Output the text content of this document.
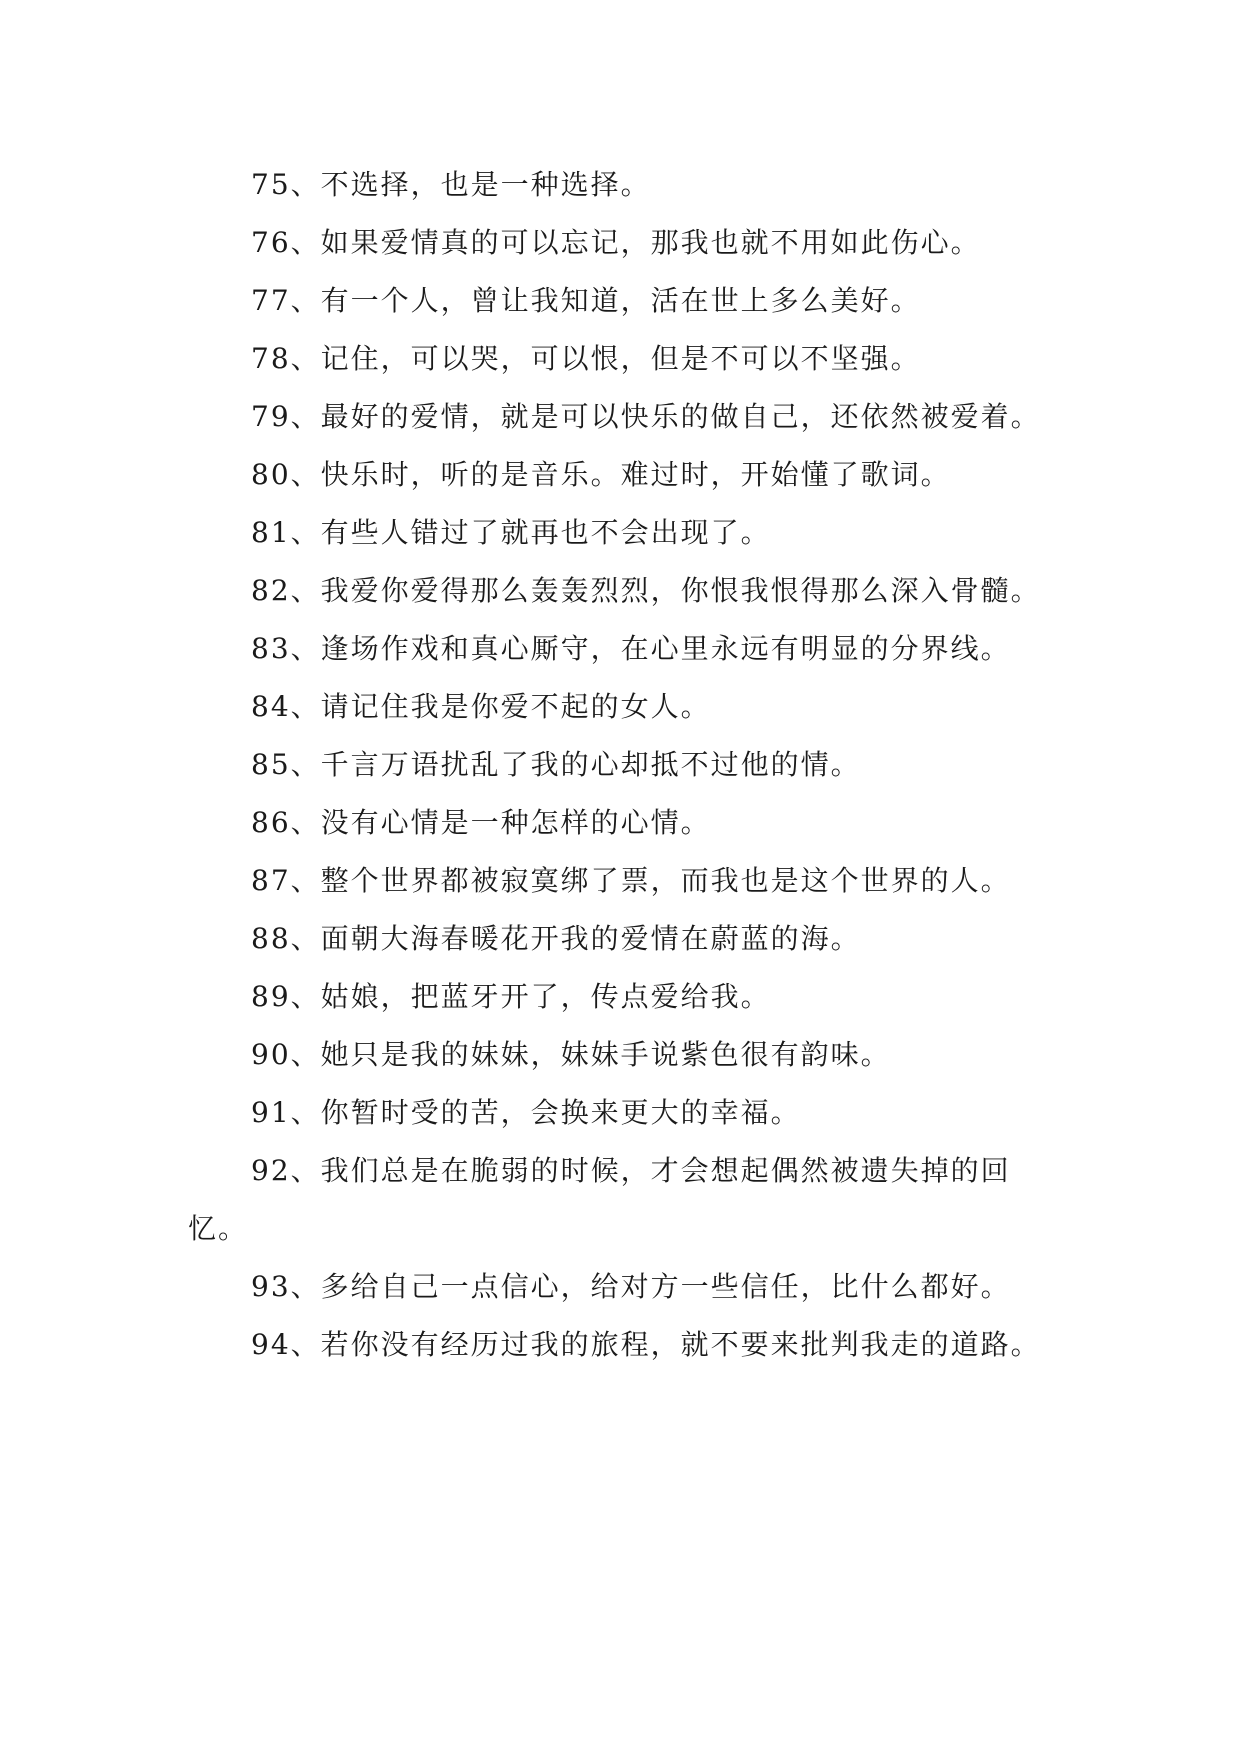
75、不选择，也是一种选择。

76、如果爱情真的可以忘记，那我也就不用如此伤心。

77、有一个人，曾让我知道，活在世上多么美好。

78、记住，可以哭，可以恨，但是不可以不坚强。

79、最好的爱情，就是可以快乐的做自己，还依然被爱着。

80、快乐时，听的是音乐。难过时，开始懂了歌词。

81、有些人错过了就再也不会出现了。

82、我爱你爱得那么轰轰烈烈，你恨我恨得那么深入骨髓。

83、逢场作戏和真心厮守，在心里永远有明显的分界线。

84、请记住我是你爱不起的女人。

85、千言万语扰乱了我的心却抵不过他的情。

86、没有心情是一种怎样的心情。

87、整个世界都被寂寞绑了票，而我也是这个世界的人。

88、面朝大海春暖花开我的爱情在蔚蓝的海。

89、姑娘，把蓝牙开了，传点爱给我。

90、她只是我的妹妹，妹妹手说紫色很有韵味。

91、你暂时受的苦，会换来更大的幸福。

92、我们总是在脆弱的时候，才会想起偶然被遗失掉的回忆。

93、多给自己一点信心，给对方一些信任，比什么都好。

94、若你没有经历过我的旅程，就不要来批判我走的道路。
